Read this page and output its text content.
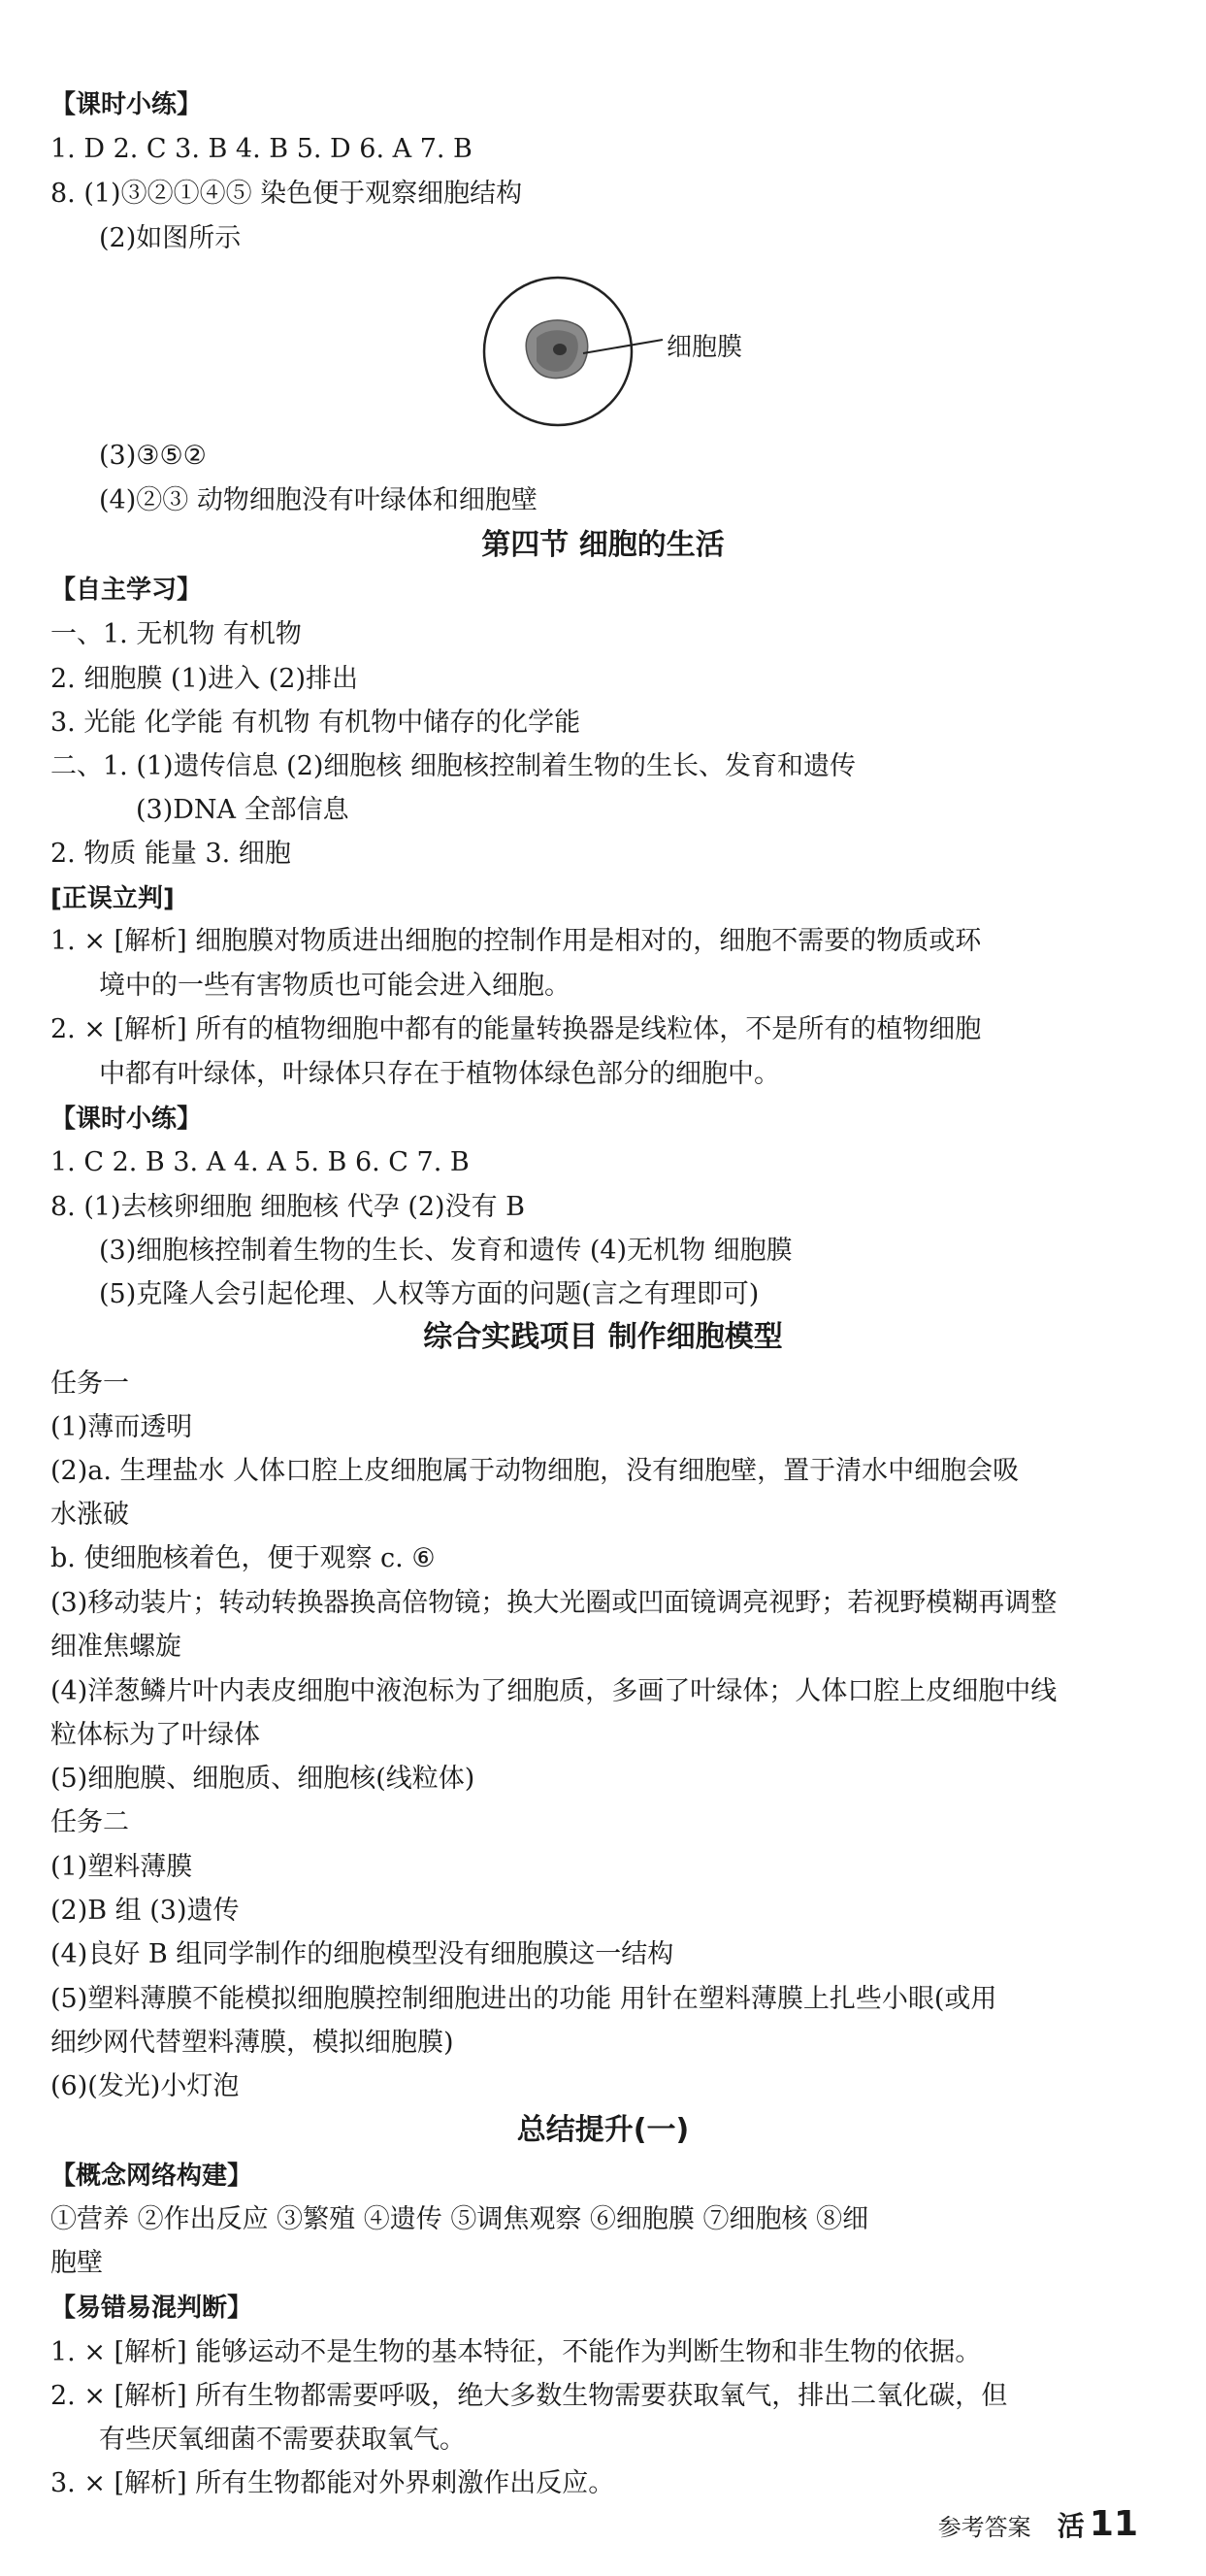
【课时小练】
1. D 2. C 3. B 4. B 5. D 6. A 7. B
8. (1)③②①④⑤ 染色便于观察细胞结构
(2)如图所示
细胞膜
(3)③⑤②
(4)②③ 动物细胞没有叶绿体和细胞壁
第四节 细胞的生活
【自主学习】
一、1. 无机物 有机物
2. 细胞膜 (1)进入 (2)排出
3. 光能 化学能 有机物 有机物中储存的化学能
二、1. (1)遗传信息 (2)细胞核 细胞核控制着生物的生长、发育和遗传
(3)DNA 全部信息
2. 物质 能量 3. 细胞
[正误立判]
1. × [解析] 细胞膜对物质进出细胞的控制作用是相对的，细胞不需要的物质或环
境中的一些有害物质也可能会进入细胞。
2. × [解析] 所有的植物细胞中都有的能量转换器是线粒体，不是所有的植物细胞
中都有叶绿体，叶绿体只存在于植物体绿色部分的细胞中。
【课时小练】
1. C 2. B 3. A 4. A 5. B 6. C 7. B
8. (1)去核卵细胞 细胞核 代孕 (2)没有 B
(3)细胞核控制着生物的生长、发育和遗传 (4)无机物 细胞膜
(5)克隆人会引起伦理、人权等方面的问题(言之有理即可)
综合实践项目 制作细胞模型
任务一
(1)薄而透明
(2)a. 生理盐水 人体口腔上皮细胞属于动物细胞，没有细胞壁，置于清水中细胞会吸
水涨破
b. 使细胞核着色，便于观察 c. ⑥
(3)移动装片；转动转换器换高倍物镜；换大光圈或凹面镜调亮视野；若视野模糊再调整
细准焦螺旋
(4)洋葱鳞片叶内表皮细胞中液泡标为了细胞质，多画了叶绿体；人体口腔上皮细胞中线
粒体标为了叶绿体
(5)细胞膜、细胞质、细胞核(线粒体)
任务二
(1)塑料薄膜
(2)B 组 (3)遗传
(4)良好 B 组同学制作的细胞模型没有细胞膜这一结构
(5)塑料薄膜不能模拟细胞膜控制细胞进出的功能 用针在塑料薄膜上扎些小眼(或用
细纱网代替塑料薄膜，模拟细胞膜)
(6)(发光)小灯泡
总结提升(一)
【概念网络构建】
①营养 ②作出反应 ③繁殖 ④遗传 ⑤调焦观察 ⑥细胞膜 ⑦细胞核 ⑧细
胞壁
【易错易混判断】
1. × [解析] 能够运动不是生物的基本特征，不能作为判断生物和非生物的依据。
2. × [解析] 所有生物都需要呼吸，绝大多数生物需要获取氧气，排出二氧化碳，但
有些厌氧细菌不需要获取氧气。
3. × [解析] 所有生物都能对外界刺激作出反应。
参考答案 活 11
